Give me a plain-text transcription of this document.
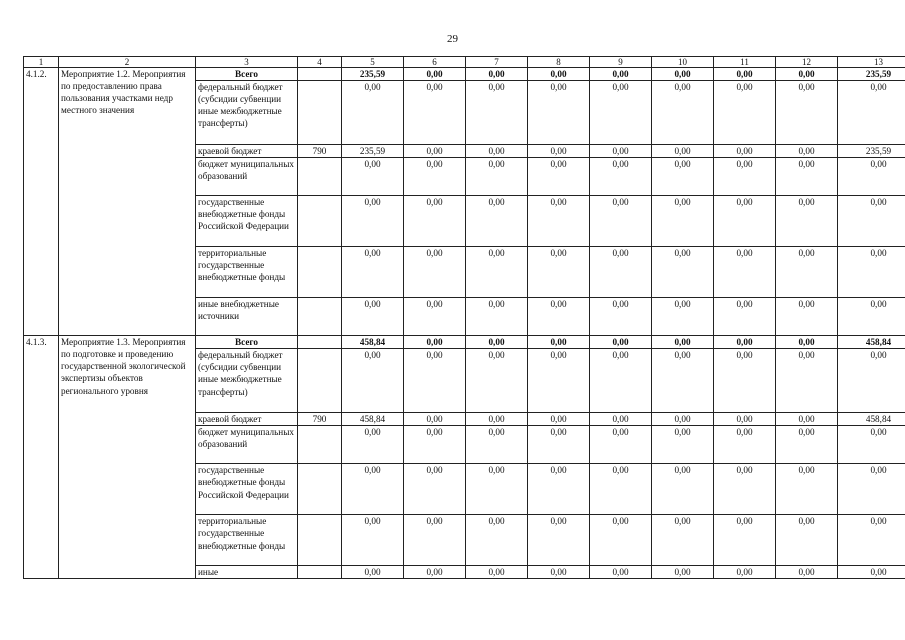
29
1	2	3	4	5	6	7	8	9	10	11	12	13
4.1.2.	Мероприятие 1.2. Мероприятия по предоставлению права пользования участками недр местного значения	Всего		235,59	0,00	0,00	0,00	0,00	0,00	0,00	0,00	235,59
		федеральный бюджет (субсидии субвенции иные межбюджетные трансферты)		0,00	0,00	0,00	0,00	0,00	0,00	0,00	0,00	0,00
		краевой бюджет	790	235,59	0,00	0,00	0,00	0,00	0,00	0,00	0,00	235,59
		бюджет муниципальных образований		0,00	0,00	0,00	0,00	0,00	0,00	0,00	0,00	0,00
		государственные внебюджетные фонды Российской Федерации		0,00	0,00	0,00	0,00	0,00	0,00	0,00	0,00	0,00
		территориальные государственные внебюджетные фонды		0,00	0,00	0,00	0,00	0,00	0,00	0,00	0,00	0,00
		иные внебюджетные источники		0,00	0,00	0,00	0,00	0,00	0,00	0,00	0,00	0,00
4.1.3.	Мероприятие 1.3. Мероприятия по подготовке и проведению государственной экологической экспертизы объектов регионального уровня	Всего		458,84	0,00	0,00	0,00	0,00	0,00	0,00	0,00	458,84
		федеральный бюджет (субсидии субвенции иные межбюджетные трансферты)		0,00	0,00	0,00	0,00	0,00	0,00	0,00	0,00	0,00
		краевой бюджет	790	458,84	0,00	0,00	0,00	0,00	0,00	0,00	0,00	458,84
		бюджет муниципальных образований		0,00	0,00	0,00	0,00	0,00	0,00	0,00	0,00	0,00
		государственные внебюджетные фонды Российской Федерации		0,00	0,00	0,00	0,00	0,00	0,00	0,00	0,00	0,00
		территориальные государственные внебюджетные фонды		0,00	0,00	0,00	0,00	0,00	0,00	0,00	0,00	0,00
		иные		0,00	0,00	0,00	0,00	0,00	0,00	0,00	0,00	0,00
